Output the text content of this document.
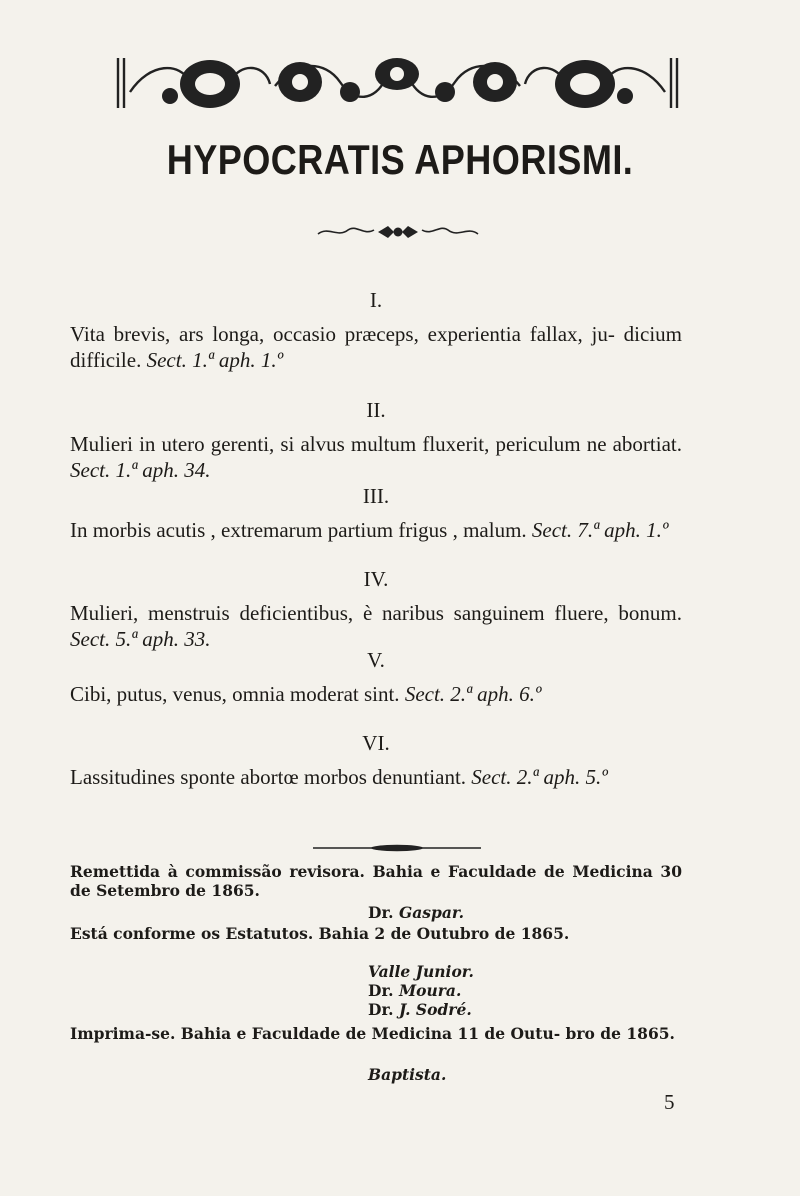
HYPOCRATIS APHORISMI.
I.
Vita brevis, ars longa, occasio præceps, experientia fallax, ju- dicium difficile. Sect. 1.ª aph. 1.º
II.
Mulieri in utero gerenti, si alvus multum fluxerit, periculum ne abortiat. Sect. 1.ª aph. 34.
III.
In morbis acutis , extremarum partium frigus , malum. Sect. 7.ª aph. 1.º
IV.
Mulieri, menstruis deficientibus, è naribus sanguinem fluere, bonum. Sect. 5.ª aph. 33.
V.
Cibi, putus, venus, omnia moderat sint. Sect. 2.ª aph. 6.º
VI.
Lassitudines sponte abortœ morbos denuntiant. Sect. 2.ª aph. 5.º
Remettida à commissão revisora. Bahia e Faculdade de Medicina 30 de Setembro de 1865.
Dr. Gaspar.
Está conforme os Estatutos. Bahia 2 de Outubro de 1865.
Valle Junior.
Dr. Moura.
Dr. J. Sodré.
Imprima-se. Bahia e Faculdade de Medicina 11 de Outu- bro de 1865.
Baptista.
5
